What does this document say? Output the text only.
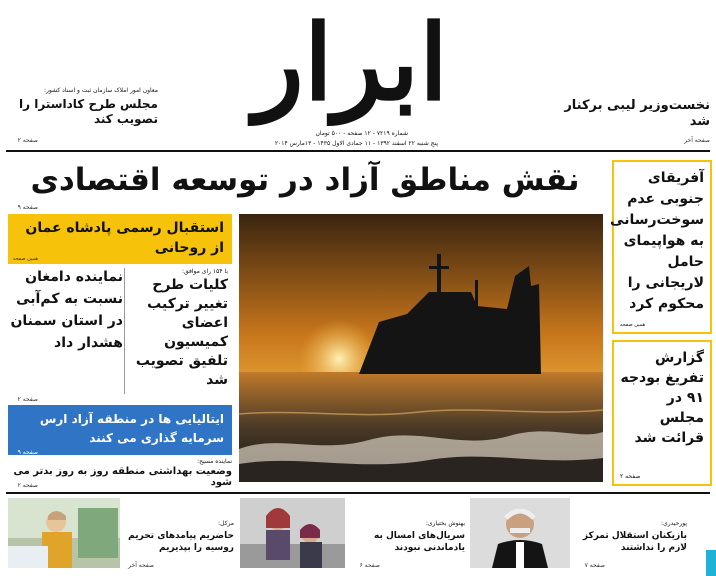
ابرار
شماره ۷۲۱۹ - ۱۲ صفحه - ۵۰۰ تومان
پنج شنبه ۲۲ اسفند ۱۳۹۲ - ۱۱ جمادی الاول ۱۴۳۵ - ۱۳مارس ۲۰۱۴
معاون امور املاک سازمان ثبت و اسناد کشور:
مجلس طرح کاداسترا را تصویب کند
صفحه ۲
نخست‌وزیر لیبی برکنار شد
صفحه آخر
نقش مناطق آزاد در توسعه اقتصادی
صفحه ۹
استقبال رسمی پادشاه عمان از روحانی
همین صفحه
نماینده دامغان نسبت به کم‌آبی در استان سمنان هشدار داد
با ۱۵۴ رای موافق:
کلیات طرح تغییر ترکیب اعضای کمیسیون تلفیق تصویب شد
صفحه ۲
ایتالیایی ها در منطقه آزاد ارس سرمایه گذاری می کنند
صفحه ۹
نماینده مسیح:
وضعیت بهداشتی منطقه روز به روز بدتر می شود
صفحه ۲
آفریقای جنوبی عدم سوخت‌رسانی به هواپیمای حامل لاریجانی را محکوم کرد
همین صفحه
گزارش تفریغ بودجه ۹۱ در مجلس قرائت شد
صفحه ۲
مرکل:
حاضریم پیامدهای تحریم روسیه را بپذیریم
صفحه آخر
بهنوش بختیاری:
سریال‌های امسال به یادماندنی نبودند
صفحه ۶
پورحیدری:
بازیکنان استقلال تمرکز لازم را نداشتند
صفحه ۷
